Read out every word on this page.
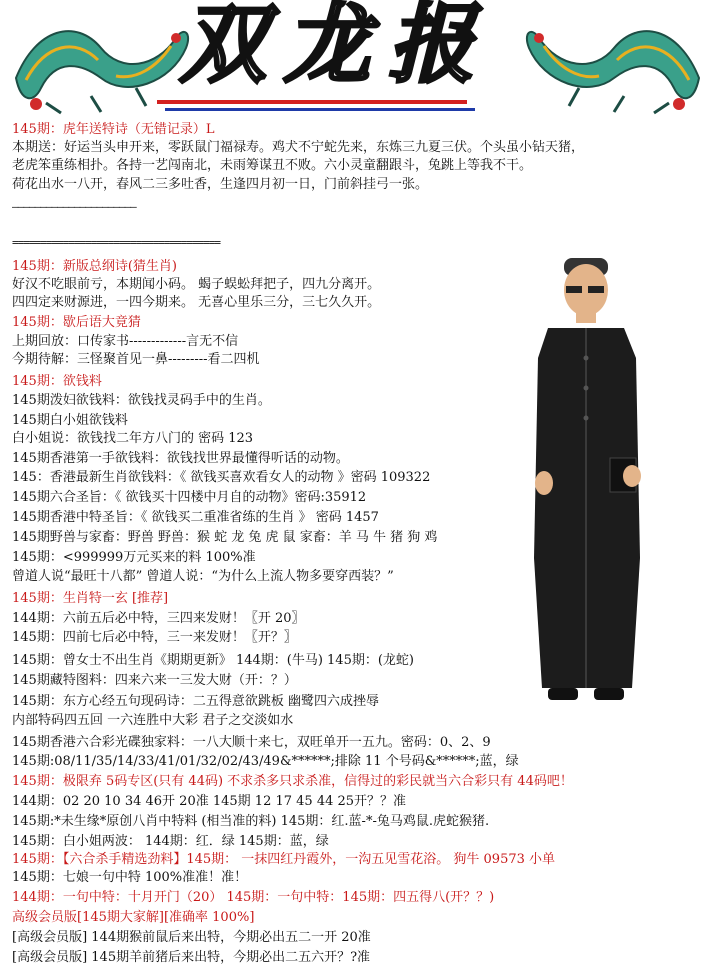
双龙报
145期：虎年送特诗（无错记录）L
本期送：好运当头申开来，零跃鼠门福禄寿。鸡犬不宁蛇先来，东炼三九夏三伏。个头虽小钻天猪，
老虎笨重练相扑。各持一艺闯南北，未雨筹谋丑不败。六小灵童翻跟斗，兔跳上等我不干。
荷花出水一八开，春风二三多吐香，生逢四月初一日，门前斜挂弓一张。
——————————————————————
=====================================
145期：新版总纲诗(猜生肖)
好汉不吃眼前亏，本期闻小码。 蝎子蜈蚣拜把子，四九分离开。
四四定来财源进，一四今期来。 无喜心里乐三分，三七久久开。
145期：歇后语大竟猜
上期回放：口传家书-------------言无不信
今期待解：三怪聚首见一鼻---------看二四机
145期：欲钱料
145期泼妇欲钱料：欲钱找灵码手中的生肖。
145期白小姐欲钱料
白小姐说：欲钱找二年方八门的 密码 123
145期香港第一手欲钱料：欲钱找世界最懂得听话的动物。
145：香港最新生肖欲钱料：《 欲钱买喜欢看女人的动物 》密码 109322
145期六合圣旨：《 欲钱买十四楼中月自的动物》密码:35912
145期香港中特圣旨：《 欲钱买二重准省练的生肖 》 密码 1457
145期野兽与家畜：野兽 野兽：猴 蛇 龙 兔 虎 鼠 家畜：羊 马 牛 猪 狗 鸡
145期：<999999万元买来的料 100%准
曾道人说“最旺十八都” 曾道人说：“为什么上流人物多要穿西装？”
145期：生肖特一玄 [推荐]
144期：六前五后必中特，三四来发财！〖开 20〗
145期：四前七后必中特，三一来发财！〖开？〗
145期：曾女士不出生肖《期期更新》 144期：(牛马) 145期：(龙蛇)
145期藏特图料：四来六来一三发大财（开：？）
145期：东方心经五句现码诗：二五得意欲跳板 幽鹭四六成挫辱
内部特码四五回 一六连胜中大彩 君子之交淡如水
145期香港六合彩光碟独家料：一八大顺十来七，双旺单开一五九。密码：0、2、9
145期:08/11/35/14/33/41/01/32/02/43/49&******;排除 11 个号码&******;蓝，绿
145期：极限弃 5码专区(只有 44码) 不求杀多只求杀准，信得过的彩民就当六合彩只有 44码吧！
144期：02 20 10 34 46开 20准 145期 12 17 45 44 25开？？准
145期:*未生缘*原创八肖中特料 (相当准的料) 145期：红.蓝-*-兔马鸡鼠.虎蛇猴猪.
145期：白小姐两波： 144期：红．绿 145期：蓝，绿
145期：【六合杀手精选劲料】145期： 一抹四红丹霞外，一沟五见雪花浴。 狗牛 09573 小单
145期：七娘一句中特 100%准准！准！
144期：一句中特：十月开门（20） 145期：一句中特：145期：四五得八(开？？)
高级会员版[145期大家解][准确率 100%]
[高级会员版] 144期猴前鼠后来出特，今期必出五二一开 20准
[高级会员版] 145期羊前猪后来出特，今期必出二五六开？?准
